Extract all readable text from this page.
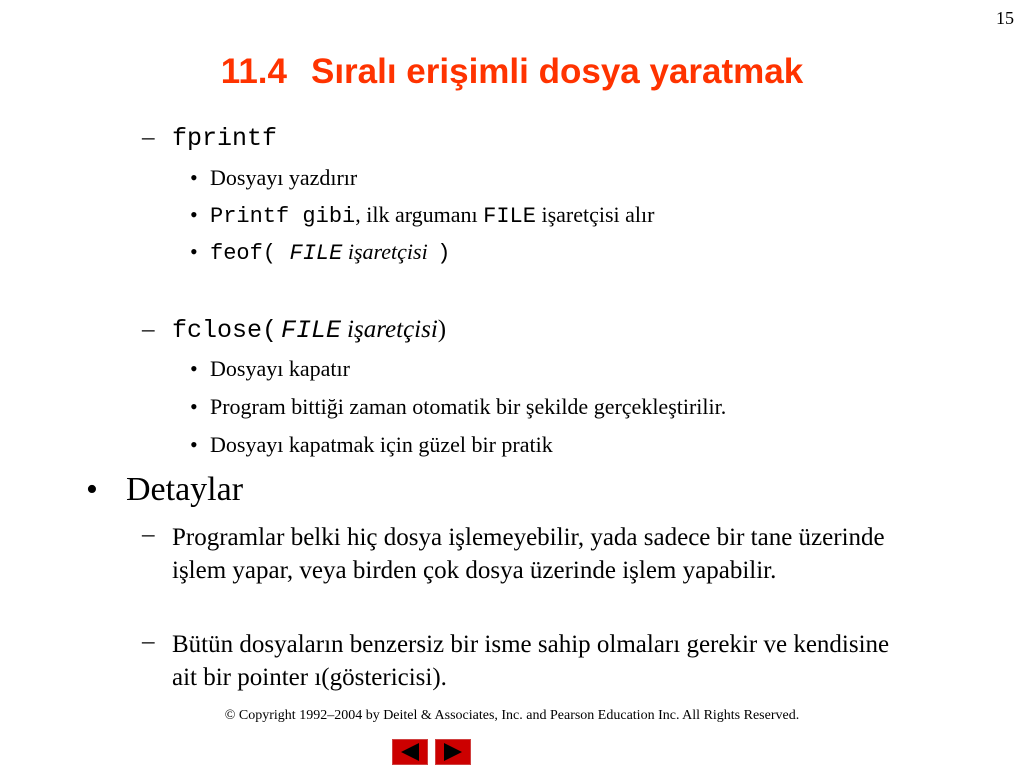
15
11.4 Sıralı erişimli dosya yaratmak
– fprintf
• Dosyayı yazdırır
• Printf gibi, ilk argumanı FILE işaretçisi alır
• feof( FILE işaretçisi )
– fclose( FILE işaretçisi)
• Dosyayı kapatır
• Program bittiği zaman otomatik bir şekilde gerçekleştirilir.
• Dosyayı kapatmak için güzel bir pratik
• Detaylar
– Programlar belki hiç dosya işlemeyebilir, yada sadece bir tane üzerinde işlem yapar, veya birden çok dosya üzerinde işlem yapabilir.
– Bütün dosyaların benzersiz bir isme sahip olmaları gerekir ve kendisine ait bir pointer ı(göstericisi).
© Copyright 1992–2004 by Deitel & Associates, Inc. and Pearson Education Inc. All Rights Reserved.
